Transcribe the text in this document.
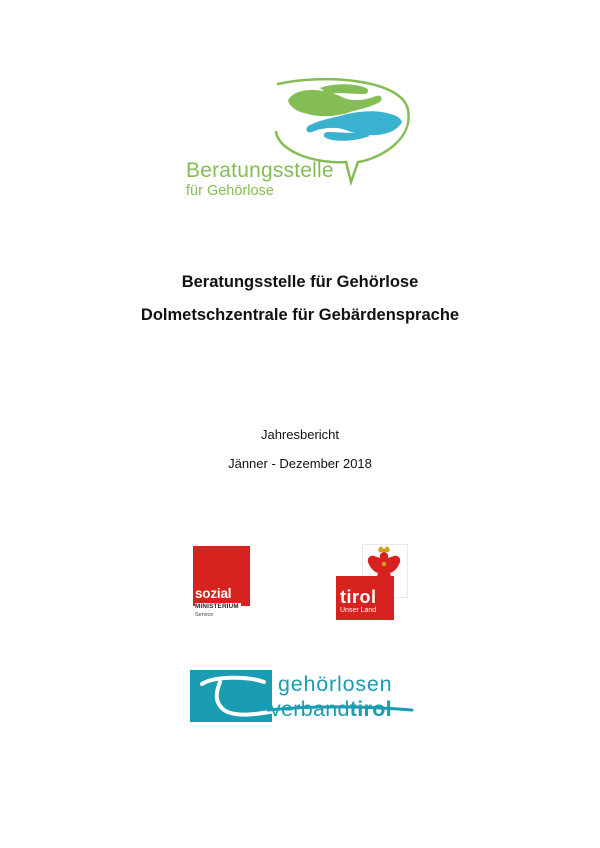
Beratungsstelle
für Gehörlose
Beratungsstelle für Gehörlose
Dolmetschzentrale für Gebärdensprache
Jahresbericht
Jänner - Dezember 2018
sozial
MINISTERIUM
Service
tirol
Unser Land
gehörlosen
verbandtirol
